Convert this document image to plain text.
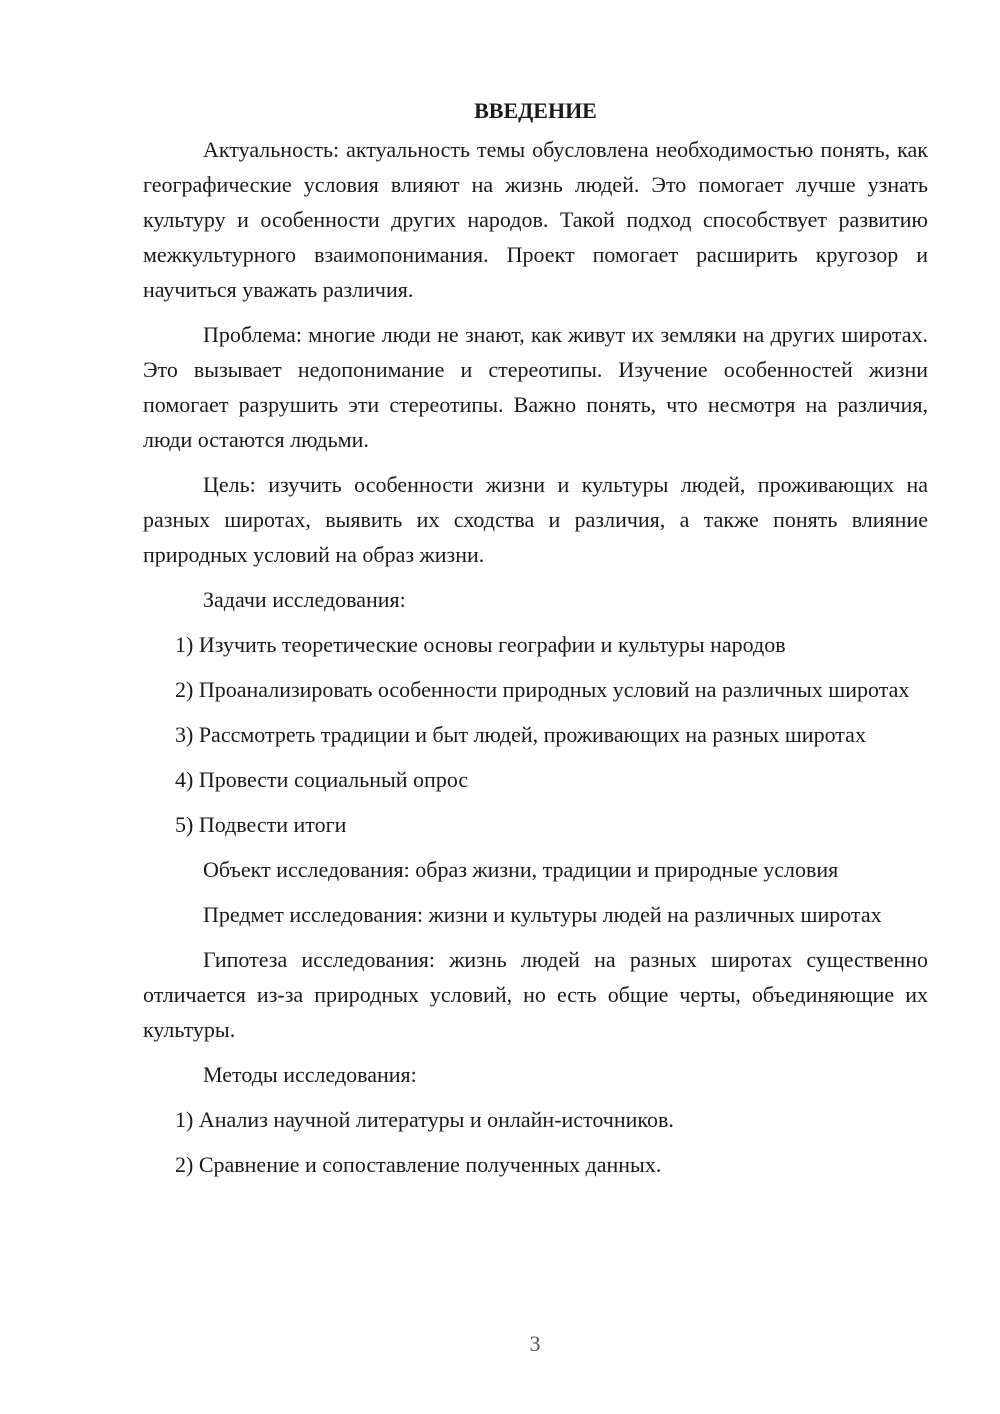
ВВЕДЕНИЕ
Актуальность: актуальность темы обусловлена необходимостью понять, как географические условия влияют на жизнь людей. Это помогает лучше узнать культуру и особенности других народов. Такой подход способствует развитию межкультурного взаимопонимания. Проект помогает расширить кругозор и научиться уважать различия.
Проблема: многие люди не знают, как живут их земляки на других широтах. Это вызывает недопонимание и стереотипы. Изучение особенностей жизни помогает разрушить эти стереотипы. Важно понять, что несмотря на различия, люди остаются людьми.
Цель: изучить особенности жизни и культуры людей, проживающих на разных широтах, выявить их сходства и различия, а также понять влияние природных условий на образ жизни.
Задачи исследования:
1) Изучить теоретические основы географии и культуры народов
2) Проанализировать особенности природных условий на различных широтах
3) Рассмотреть традиции и быт людей, проживающих на разных широтах
4) Провести социальный опрос
5) Подвести итоги
Объект исследования: образ жизни, традиции и природные условия
Предмет исследования: жизни и культуры людей на различных широтах
Гипотеза исследования: жизнь людей на разных широтах существенно отличается из-за природных условий, но есть общие черты, объединяющие их культуры.
Методы исследования:
1) Анализ научной литературы и онлайн-источников.
2) Сравнение и сопоставление полученных данных.
3
